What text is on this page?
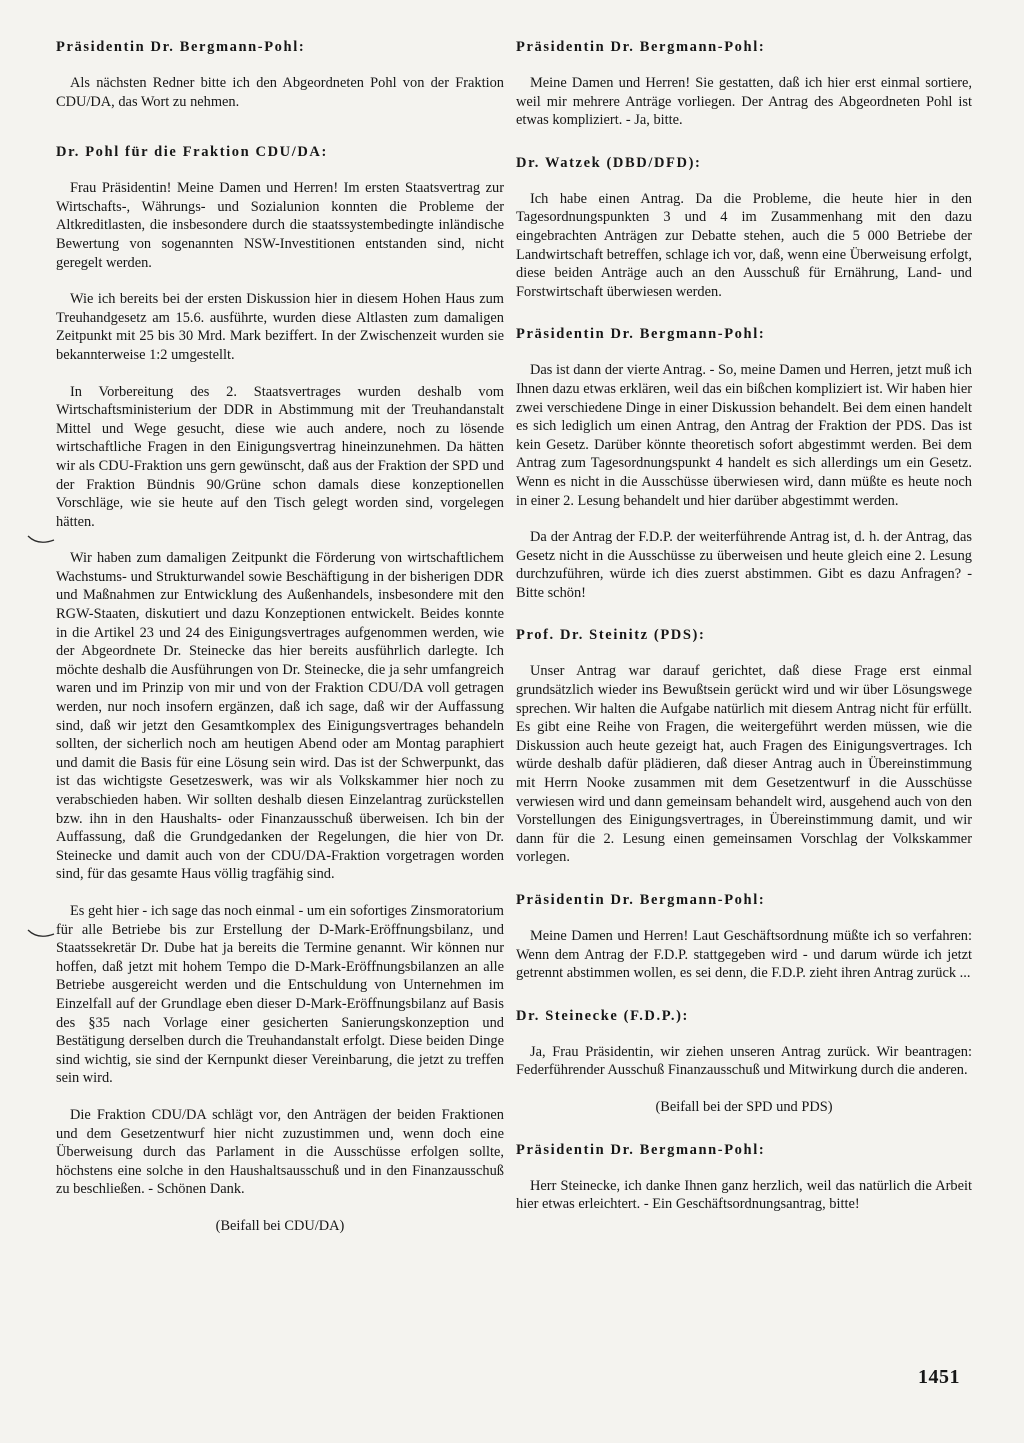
Präsidentin Dr. Bergmann-Pohl:

Als nächsten Redner bitte ich den Abgeordneten Pohl von der Fraktion CDU/DA, das Wort zu nehmen.

Dr. Pohl für die Fraktion CDU/DA:

Frau Präsidentin! Meine Damen und Herren! Im ersten Staatsvertrag zur Wirtschafts-, Währungs- und Sozialunion konnten die Probleme der Altkreditlasten, die insbesondere durch die staatssystembedingte inländische Bewertung von sogenannten NSW-Investitionen entstanden sind, nicht geregelt werden.

Wie ich bereits bei der ersten Diskussion hier in diesem Hohen Haus zum Treuhandgesetz am 15.6. ausführte, wurden diese Altlasten zum damaligen Zeitpunkt mit 25 bis 30 Mrd. Mark beziffert. In der Zwischenzeit wurden sie bekannterweise 1:2 umgestellt.

In Vorbereitung des 2. Staatsvertrages wurden deshalb vom Wirtschaftsministerium der DDR in Abstimmung mit der Treuhandanstalt Mittel und Wege gesucht, diese wie auch andere, noch zu lösende wirtschaftliche Fragen in den Einigungsvertrag hineinzunehmen. Da hätten wir als CDU-Fraktion uns gern gewünscht, daß aus der Fraktion der SPD und der Fraktion Bündnis 90/Grüne schon damals diese konzeptionellen Vorschläge, wie sie heute auf den Tisch gelegt worden sind, vorgelegen hätten.

Wir haben zum damaligen Zeitpunkt die Förderung von wirtschaftlichem Wachstums- und Strukturwandel sowie Beschäftigung in der bisherigen DDR und Maßnahmen zur Entwicklung des Außenhandels, insbesondere mit den RGW-Staaten, diskutiert und dazu Konzeptionen entwickelt. Beides konnte in die Artikel 23 und 24 des Einigungsvertrages aufgenommen werden, wie der Abgeordnete Dr. Steinecke das hier bereits ausführlich darlegte. Ich möchte deshalb die Ausführungen von Dr. Steinecke, die ja sehr umfangreich waren und im Prinzip von mir und von der Fraktion CDU/DA voll getragen werden, nur noch insofern ergänzen, daß ich sage, daß wir der Auffassung sind, daß wir jetzt den Gesamtkomplex des Einigungsvertrages behandeln sollten, der sicherlich noch am heutigen Abend oder am Montag paraphiert und damit die Basis für eine Lösung sein wird. Das ist der Schwerpunkt, das ist das wichtigste Gesetzeswerk, was wir als Volkskammer hier noch zu verabschieden haben. Wir sollten deshalb diesen Einzelantrag zurückstellen bzw. ihn in den Haushalts- oder Finanzausschuß überweisen. Ich bin der Auffassung, daß die Grundgedanken der Regelungen, die hier von Dr. Steinecke und damit auch von der CDU/DA-Fraktion vorgetragen worden sind, für das gesamte Haus völlig tragfähig sind.

Es geht hier - ich sage das noch einmal - um ein sofortiges Zinsmoratorium für alle Betriebe bis zur Erstellung der D-Mark-Eröffnungsbilanz, und Staatssekretär Dr. Dube hat ja bereits die Termine genannt. Wir können nur hoffen, daß jetzt mit hohem Tempo die D-Mark-Eröffnungsbilanzen an alle Betriebe ausgereicht werden und die Entschuldung von Unternehmen im Einzelfall auf der Grundlage eben dieser D-Mark-Eröffnungsbilanz auf Basis des §35 nach Vorlage einer gesicherten Sanierungskonzeption und Bestätigung derselben durch die Treuhandanstalt erfolgt. Diese beiden Dinge sind wichtig, sie sind der Kernpunkt dieser Vereinbarung, die jetzt zu treffen sein wird.

Die Fraktion CDU/DA schlägt vor, den Anträgen der beiden Fraktionen und dem Gesetzentwurf hier nicht zuzustimmen und, wenn doch eine Überweisung durch das Parlament in die Ausschüsse erfolgen sollte, höchstens eine solche in den Haushaltsausschuß und in den Finanzausschuß zu beschließen. - Schönen Dank.

(Beifall bei CDU/DA)
Präsidentin Dr. Bergmann-Pohl:

Meine Damen und Herren! Sie gestatten, daß ich hier erst einmal sortiere, weil mir mehrere Anträge vorliegen. Der Antrag des Abgeordneten Pohl ist etwas kompliziert. - Ja, bitte.

Dr. Watzek (DBD/DFD):

Ich habe einen Antrag. Da die Probleme, die heute hier in den Tagesordnungspunkten 3 und 4 im Zusammenhang mit den dazu eingebrachten Anträgen zur Debatte stehen, auch die 5 000 Betriebe der Landwirtschaft betreffen, schlage ich vor, daß, wenn eine Überweisung erfolgt, diese beiden Anträge auch an den Ausschuß für Ernährung, Land- und Forstwirtschaft überwiesen werden.

Präsidentin Dr. Bergmann-Pohl:

Das ist dann der vierte Antrag. - So, meine Damen und Herren, jetzt muß ich Ihnen dazu etwas erklären, weil das ein bißchen kompliziert ist. Wir haben hier zwei verschiedene Dinge in einer Diskussion behandelt. Bei dem einen handelt es sich lediglich um einen Antrag, den Antrag der Fraktion der PDS. Das ist kein Gesetz. Darüber könnte theoretisch sofort abgestimmt werden. Bei dem Antrag zum Tagesordnungspunkt 4 handelt es sich allerdings um ein Gesetz. Wenn es nicht in die Ausschüsse überwiesen wird, dann müßte es heute noch in einer 2. Lesung behandelt und hier darüber abgestimmt werden.

Da der Antrag der F.D.P. der weiterführende Antrag ist, d. h. der Antrag, das Gesetz nicht in die Ausschüsse zu überweisen und heute gleich eine 2. Lesung durchzuführen, würde ich dies zuerst abstimmen. Gibt es dazu Anfragen? - Bitte schön!

Prof. Dr. Steinitz (PDS):

Unser Antrag war darauf gerichtet, daß diese Frage erst einmal grundsätzlich wieder ins Bewußtsein gerückt wird und wir über Lösungswege sprechen. Wir halten die Aufgabe natürlich mit diesem Antrag nicht für erfüllt. Es gibt eine Reihe von Fragen, die weitergeführt werden müssen, wie die Diskussion auch heute gezeigt hat, auch Fragen des Einigungsvertrages. Ich würde deshalb dafür plädieren, daß dieser Antrag auch in Übereinstimmung mit Herrn Nooke zusammen mit dem Gesetzentwurf in die Ausschüsse verwiesen wird und dann gemeinsam behandelt wird, ausgehend auch von den Vorstellungen des Einigungsvertrages, in Übereinstimmung damit, und wir dann für die 2. Lesung einen gemeinsamen Vorschlag der Volkskammer vorlegen.

Präsidentin Dr. Bergmann-Pohl:

Meine Damen und Herren! Laut Geschäftsordnung müßte ich so verfahren: Wenn dem Antrag der F.D.P. stattgegeben wird - und darum würde ich jetzt getrennt abstimmen wollen, es sei denn, die F.D.P. zieht ihren Antrag zurück ...

Dr. Steinecke (F.D.P.):

Ja, Frau Präsidentin, wir ziehen unseren Antrag zurück. Wir beantragen: Federführender Ausschuß Finanzausschuß und Mitwirkung durch die anderen.

(Beifall bei der SPD und PDS)
Präsidentin Dr. Bergmann-Pohl:

Herr Steinecke, ich danke Ihnen ganz herzlich, weil das natürlich die Arbeit hier etwas erleichtert. - Ein Geschäftsordnungsantrag, bitte!

1451
